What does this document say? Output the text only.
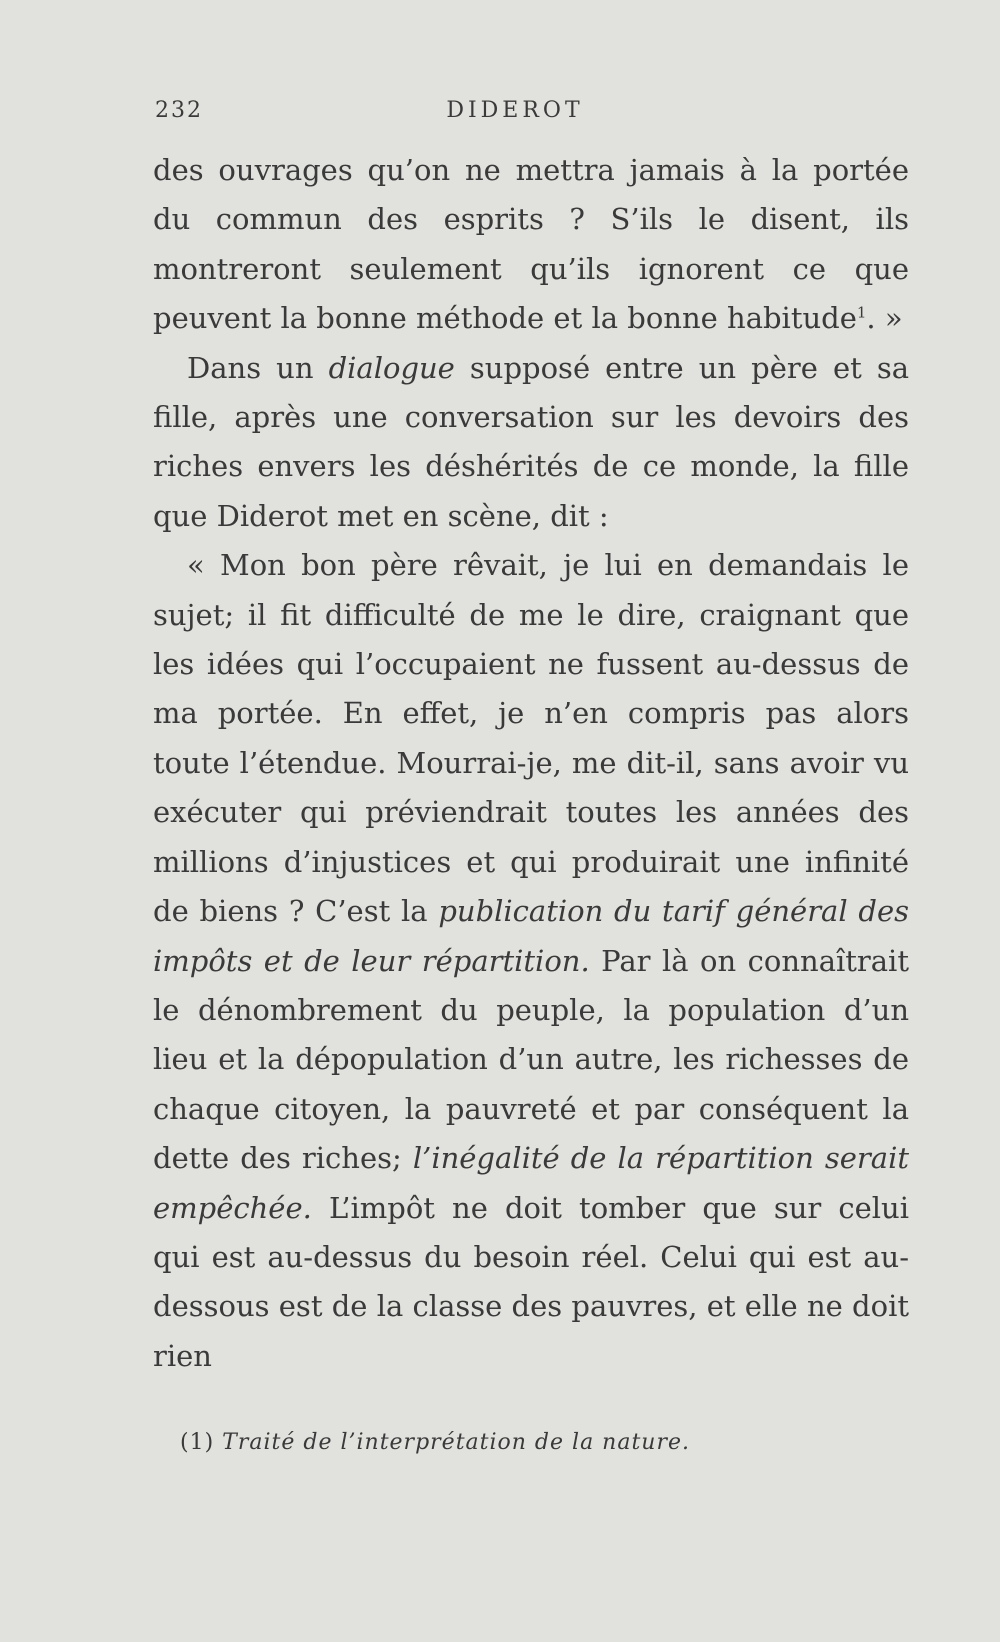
232	DIDEROT

des ouvrages qu’on ne mettra jamais à la portée du commun des esprits ? S’ils le disent, ils montreront seulement qu’ils ignorent ce que peuvent la bonne méthode et la bonne habitude$^1$. »

Dans un dialogue supposé entre un père et sa fille, après une conversation sur les devoirs des riches envers les déshérités de ce monde, la fille que Diderot met en scène, dit :

« Mon bon père rêvait, je lui en demandais le sujet; il fit difficulté de me le dire, craignant que les idées qui l’occupaient ne fussent au-dessus de ma portée. En effet, je n’en compris pas alors toute l’étendue. Mourrai-je, me dit-il, sans avoir vu exécuter qui préviendrait toutes les années des millions d’injustices et qui produirait une infinité de biens ? C’est la publication du tarif général des impôts et de leur répartition. Par là on connaîtrait le dénombrement du peuple, la population d’un lieu et la dépopulation d’un autre, les richesses de chaque citoyen, la pauvreté et par conséquent la dette des riches; l’inégalité de la répartition serait empêchée. L’impôt ne doit tomber que sur celui qui est au-dessus du besoin réel. Celui qui est au-dessous est de la classe des pauvres, et elle ne doit rien

(1) Traité de l’interprétation de la nature.
